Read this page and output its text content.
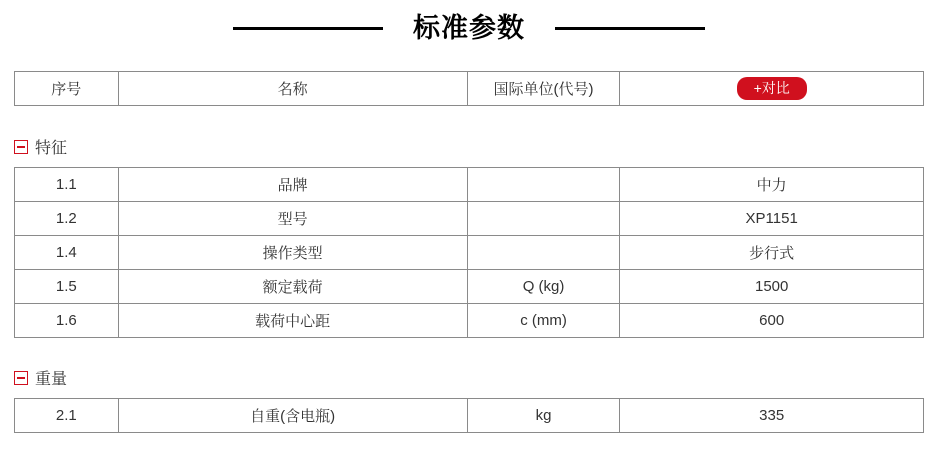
标准参数
序号	名称	国际单位(代号)	+对比
特征
1.1	品牌		中力
1.2	型号		XP1151
1.4	操作类型		步行式
1.5	额定载荷	Q (kg)	1500
1.6	载荷中心距	c (mm)	600
重量
2.1	自重(含电瓶)	kg	335
